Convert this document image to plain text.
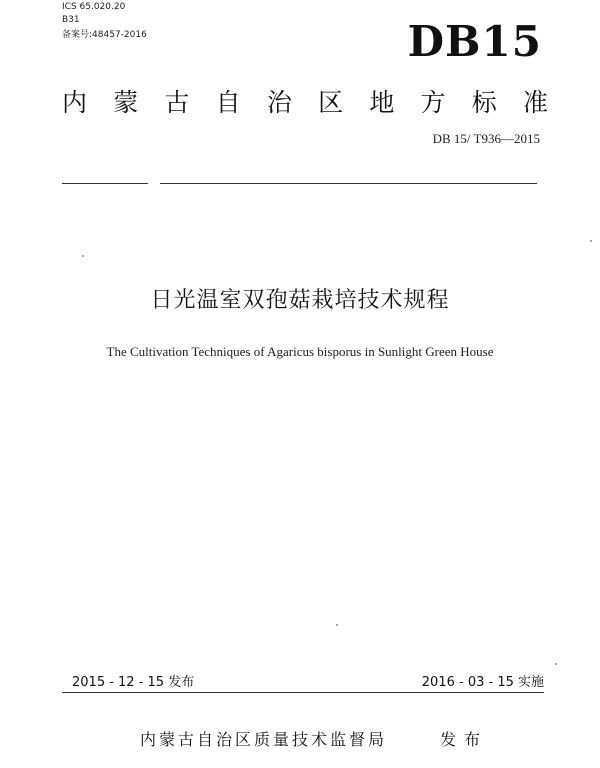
ICS 65.020.20
B31
备案号:48457-2016	DB15
内 蒙 古 自 治 区 地 方 标 准
DB 15/ T936—2015
日光温室双孢菇栽培技术规程
The Cultivation Techniques of Agaricus bisporus in Sunlight Green House
2015 - 12 - 15 发布	2016 - 03 - 15 实施
内蒙古自治区质量技术监督局	发布
